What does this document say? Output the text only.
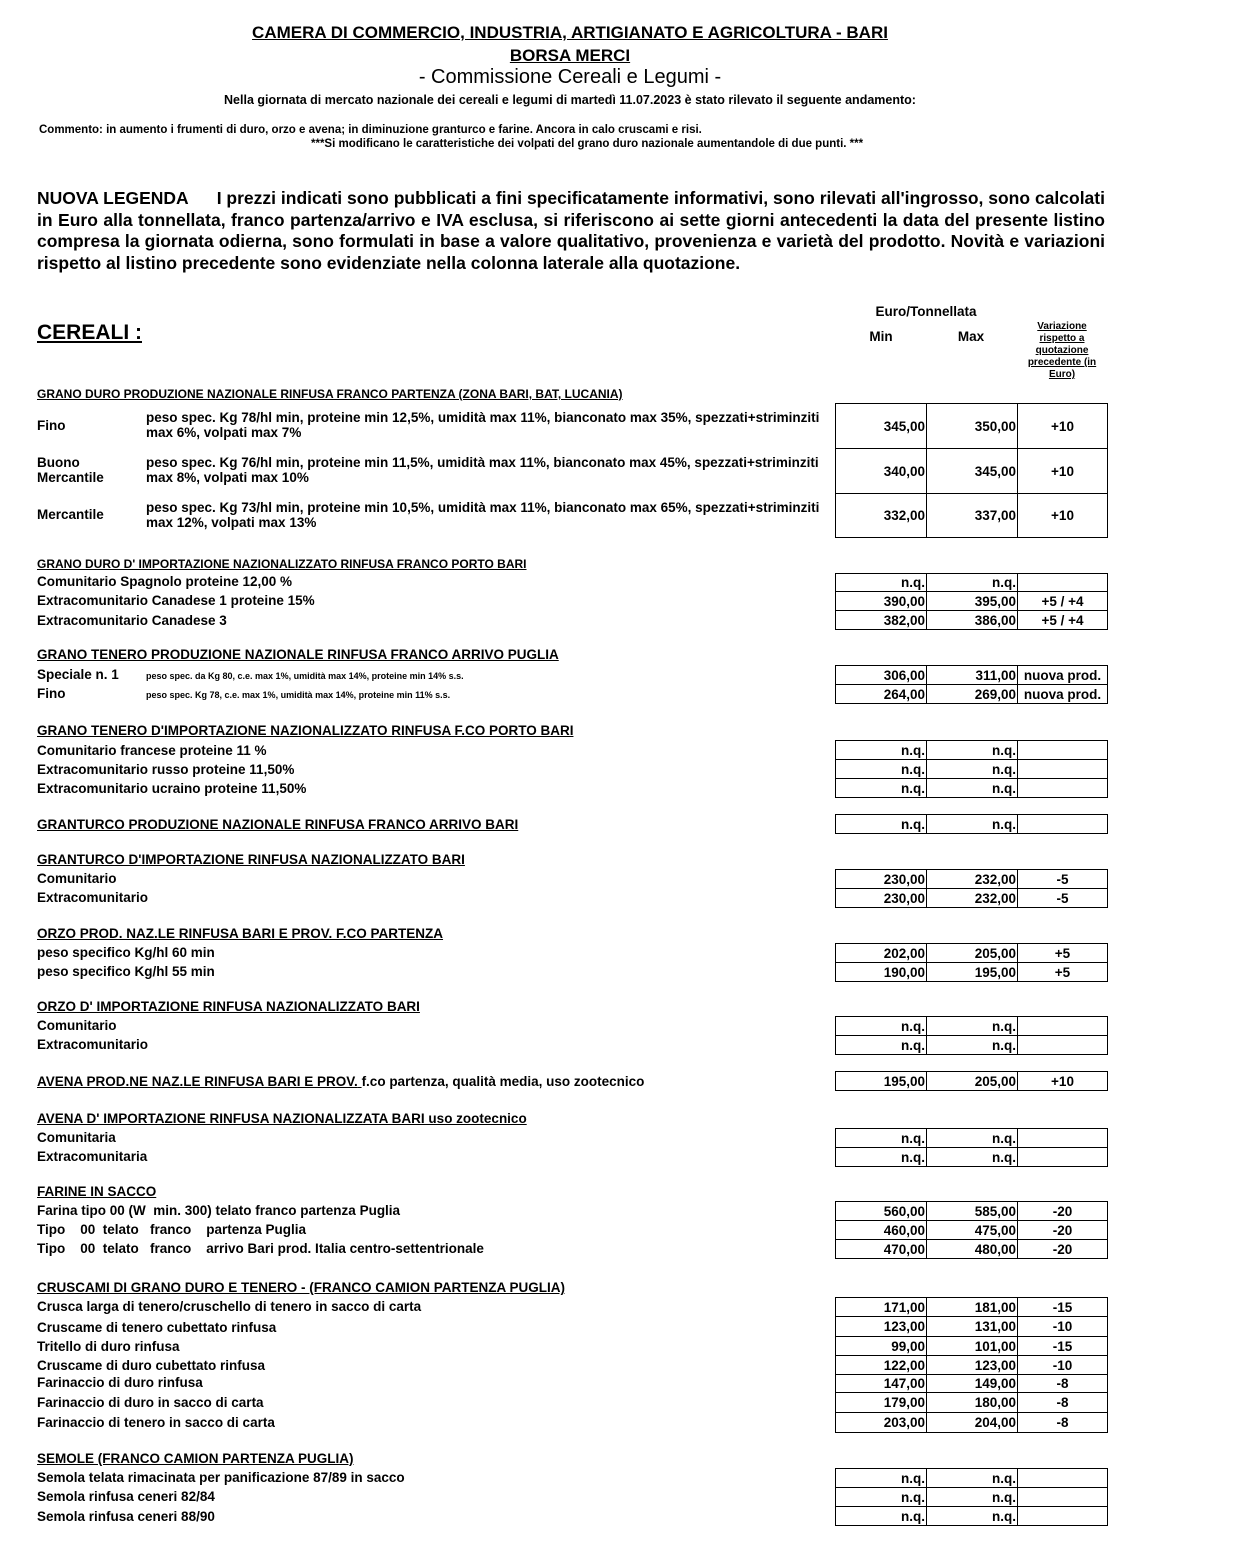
CAMERA DI COMMERCIO, INDUSTRIA, ARTIGIANATO E AGRICOLTURA - BARI
BORSA MERCI
- Commissione Cereali e Legumi -
Nella giornata di mercato nazionale dei cereali e legumi di martedì 11.07.2023 è stato rilevato il seguente andamento:
Commento: in aumento i frumenti di duro, orzo e avena; in diminuzione granturco e farine. Ancora in calo cruscami e risi.
***Si modificano le caratteristiche dei volpati del grano duro nazionale aumentandole di due punti. ***
NUOVA LEGENDA I prezzi indicati sono pubblicati a fini specificatamente informativi, sono rilevati all'ingrosso, sono calcolati in Euro alla tonnellata, franco partenza/arrivo e IVA esclusa, si riferiscono ai sette giorni antecedenti la data del presente listino compresa la giornata odierna, sono formulati in base a valore qualitativo, provenienza e varietà del prodotto. Novità e variazioni rispetto al listino precedente sono evidenziate nella colonna laterale alla quotazione.
CEREALI :
Euro/Tonnellata
Min	Max
Variazione rispetto a quotazione precedente (in Euro)
GRANO DURO PRODUZIONE NAZIONALE RINFUSA FRANCO PARTENZA (ZONA BARI, BAT, LUCANIA)
Fino
peso spec. Kg 78/hl min, proteine min 12,5%, umidità max 11%, bianconato max 35%, spezzati+striminziti max 6%, volpati max 7%	345,00	350,00	+10
Buono Mercantile
peso spec. Kg 76/hl min, proteine min 11,5%, umidità max 11%, bianconato max 45%, spezzati+striminziti max 8%, volpati max 10%	340,00	345,00	+10
Mercantile	peso spec. Kg 73/hl min, proteine min 10,5%, umidità max 11%, bianconato max 65%, spezzati+striminziti max 12%, volpati max 13%	332,00	337,00	+10
GRANO DURO D' IMPORTAZIONE NAZIONALIZZATO RINFUSA FRANCO PORTO BARI
Comunitario Spagnolo proteine 12,00 %	n.q.	n.q.
Extracomunitario Canadese 1 proteine 15%	390,00	395,00	+5 / +4
Extracomunitario Canadese 3	382,00	386,00	+5 / +4
GRANO TENERO PRODUZIONE NAZIONALE RINFUSA FRANCO ARRIVO PUGLIA
Speciale n. 1	peso spec. da Kg 80, c.e. max 1%, umidità max 14%, proteine min 14% s.s.	306,00	311,00 nuova prod.
Fino	peso spec. Kg 78, c.e. max 1%, umidità max 14%, proteine min 11% s.s.	264,00	269,00 nuova prod.
GRANO TENERO D'IMPORTAZIONE NAZIONALIZZATO RINFUSA F.CO PORTO BARI
Comunitario francese proteine 11 %	n.q.	n.q.
Extracomunitario russo proteine 11,50%	n.q.	n.q.
Extracomunitario ucraino proteine 11,50%	n.q.	n.q.
GRANTURCO PRODUZIONE NAZIONALE RINFUSA FRANCO ARRIVO BARI	n.q.	n.q.
GRANTURCO D'IMPORTAZIONE RINFUSA NAZIONALIZZATO BARI
Comunitario	230,00	232,00	-5
Extracomunitario	230,00	232,00	-5
ORZO PROD. NAZ.LE RINFUSA BARI E PROV. F.CO PARTENZA
peso specifico Kg/hl 60 min	202,00	205,00	+5
peso specifico Kg/hl 55 min	190,00	195,00	+5
ORZO D' IMPORTAZIONE RINFUSA NAZIONALIZZATO BARI
Comunitario	n.q.	n.q.
Extracomunitario	n.q.	n.q.
AVENA PROD.NE NAZ.LE RINFUSA BARI E PROV. f.co partenza, qualità media, uso zootecnico	195,00	205,00	+10
AVENA D' IMPORTAZIONE RINFUSA NAZIONALIZZATA BARI uso zootecnico
Comunitaria	n.q.	n.q.
Extracomunitaria	n.q.	n.q.
FARINE IN SACCO
Farina tipo 00 (W  min. 300) telato franco partenza Puglia	560,00	585,00	-20
Tipo    00  telato   franco    partenza Puglia	460,00	475,00	-20
Tipo    00  telato   franco    arrivo Bari prod. Italia centro-settentrionale	470,00	480,00	-20
CRUSCAMI DI GRANO DURO E TENERO - (FRANCO CAMION PARTENZA PUGLIA)
Crusca larga di tenero/cruschello di tenero in sacco di carta	171,00	181,00	-15
Cruscame di tenero cubettato rinfusa	123,00	131,00	-10
Tritello di duro rinfusa	99,00	101,00	-15
Cruscame di duro cubettato rinfusa	122,00	123,00	-10
Farinaccio di duro rinfusa	147,00	149,00	-8
Farinaccio di duro in sacco di carta	179,00	180,00	-8
Farinaccio di tenero in sacco di carta	203,00	204,00	-8
SEMOLE (FRANCO CAMION PARTENZA PUGLIA)
Semola telata rimacinata per panificazione 87/89 in sacco	n.q.	n.q.
Semola rinfusa ceneri 82/84	n.q.	n.q.
Semola rinfusa ceneri 88/90	n.q.	n.q.
